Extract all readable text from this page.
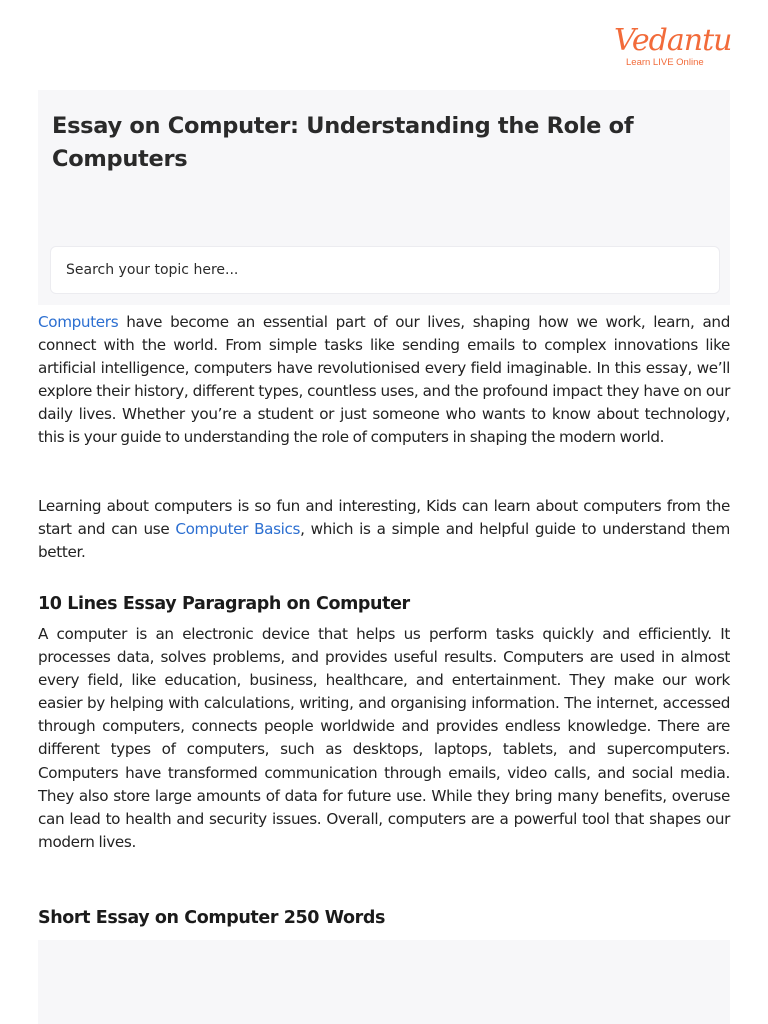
Vedantu
Learn LIVE Online
Essay on Computer: Understanding the Role of Computers
Search your topic here...

Computers have become an essential part of our lives, shaping how we work, learn, and connect with the world. From simple tasks like sending emails to complex innovations like artificial intelligence, computers have revolutionised every field imaginable. In this essay, we’ll explore their history, different types, countless uses, and the profound impact they have on our daily lives. Whether you’re a student or just someone who wants to know about technology, this is your guide to understanding the role of computers in shaping the modern world.

Learning about computers is so fun and interesting, Kids can learn about computers from the start and can use Computer Basics, which is a simple and helpful guide to understand them better.

10 Lines Essay Paragraph on Computer

A computer is an electronic device that helps us perform tasks quickly and efficiently. It processes data, solves problems, and provides useful results. Computers are used in almost every field, like education, business, healthcare, and entertainment. They make our work easier by helping with calculations, writing, and organising information. The internet, accessed through computers, connects people worldwide and provides endless knowledge. There are different types of computers, such as desktops, laptops, tablets, and supercomputers. Computers have transformed communication through emails, video calls, and social media. They also store large amounts of data for future use. While they bring many benefits, overuse can lead to health and security issues. Overall, computers are a powerful tool that shapes our modern lives.

Short Essay on Computer 250 Words
